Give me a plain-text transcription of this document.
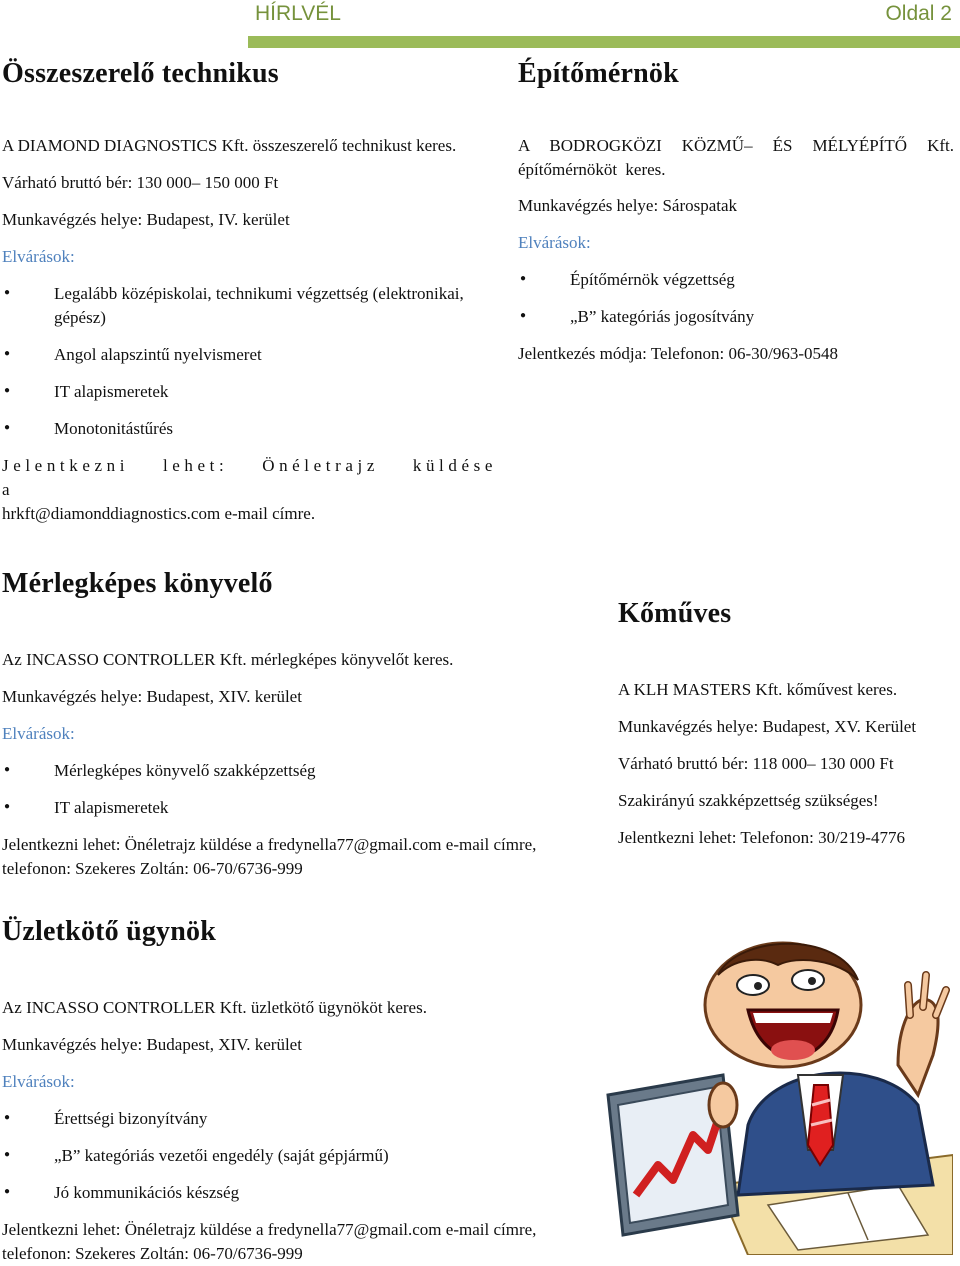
HÍRLVÉL	Oldal 2
Összeszerelő technikus

A DIAMOND DIAGNOSTICS Kft. összeszerelő technikust keres.

Várható bruttó bér: 130 000– 150 000 Ft

Munkavégzés helye: Budapest, IV. kerület

Elvárások:

●	Legalább középiskolai, technikumi végzettség (elektronikai, gépész)
●	Angol alapszintű nyelvismeret
●	IT alapismeretek
●	Monotonitástűrés
Jelentkezni lehet: Önéletrajz küldése a
hrkft@diamonddiagnostics.com e-mail címre.
Építőmérnök

A BODROGKÖZI KÖZMŰ– ÉS MÉLYÉPÍTŐ Kft. építőmérnököt keres.

Munkavégzés helye: Sárospatak

Elvárások:

●	Építőmérnök végzettség
●	„B” kategóriás jogosítvány

Jelentkezés módja: Telefonon: 06-30/963-0548

Mérlegképes könyvelő

Az INCASSO CONTROLLER Kft. mérlegképes könyvelőt keres.

Munkavégzés helye: Budapest, XIV. kerület

Elvárások:

●	Mérlegképes könyvelő szakképzettség
●	IT alapismeretek
Jelentkezni lehet: Önéletrajz küldése a fredynella77@gmail.com e-mail címre,
telefonon: Szekeres Zoltán: 06-70/6736-999
Kőműves

A KLH MASTERS Kft. kőművest keres.

Munkavégzés helye: Budapest, XV. Kerület

Várható bruttó bér: 118 000– 130 000 Ft

Szakirányú szakképzettség szükséges!

Jelentkezni lehet: Telefonon: 30/219-4776

Üzletkötő ügynök

Az INCASSO CONTROLLER Kft. üzletkötő ügynököt keres.

Munkavégzés helye: Budapest, XIV. kerület

Elvárások:

●	Érettségi bizonyítvány
●	„B” kategóriás vezetői engedély (saját gépjármű)
●	Jó kommunikációs készség
Jelentkezni lehet: Önéletrajz küldése a fredynella77@gmail.com e-mail címre,
telefonon: Szekeres Zoltán: 06-70/6736-999
